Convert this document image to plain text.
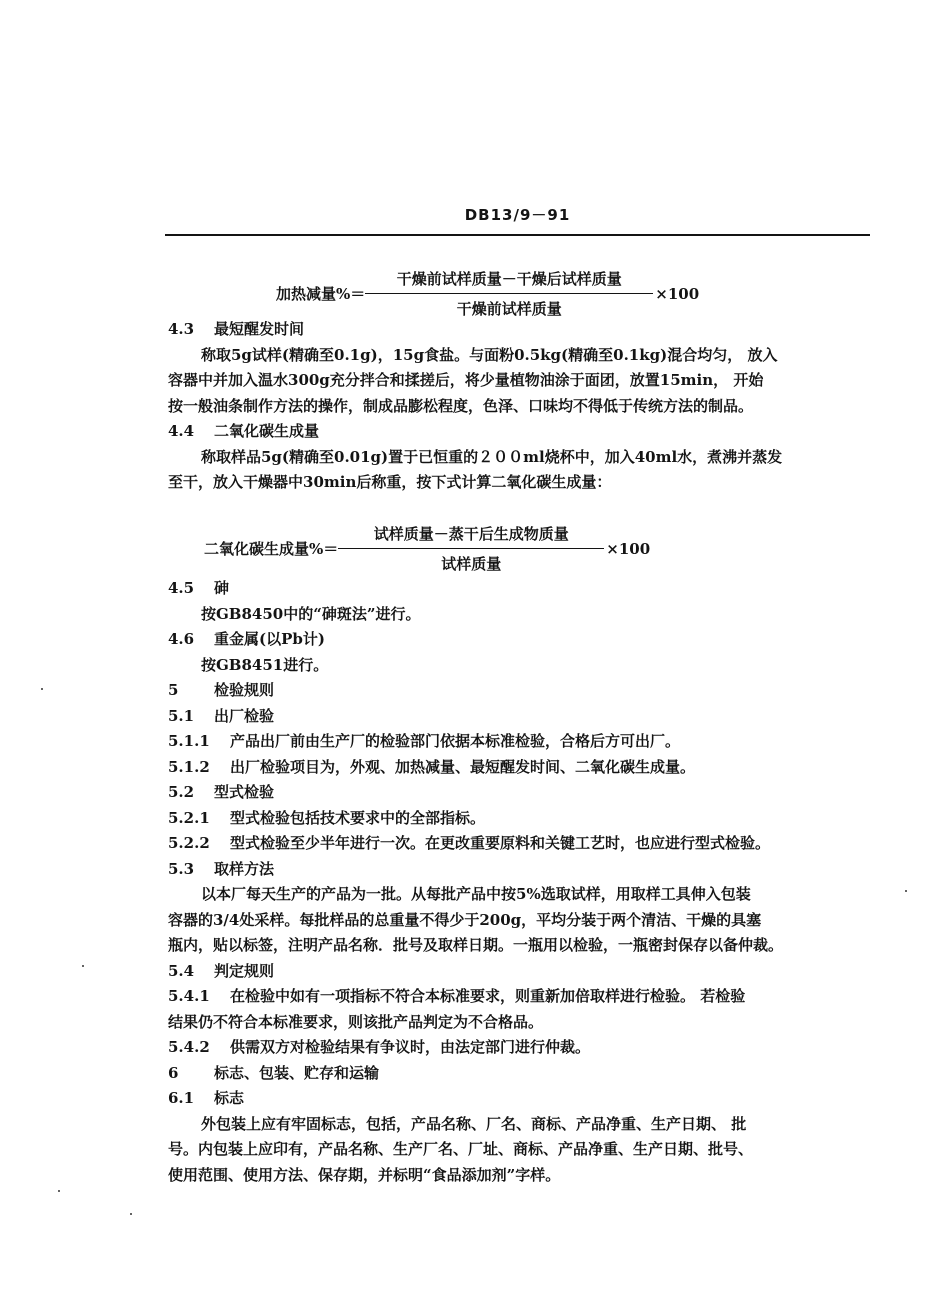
DB13/9－91
加热减量%＝ $\frac{\text{干燥前试样质量－干燥后试样质量}}{\text{干燥前试样质量}} \times 100$
4.3 最短醒发时间
称取5g试样(精确至0.1g)，15g食盐。与面粉0.5kg(精确至0.1kg)混合均匀， 放入
容器中并加入温水300g充分拌合和揉搓后，将少量植物油涂于面团，放置15min， 开始
按一般油条制作方法的操作，制成品膨松程度，色泽、口味均不得低于传统方法的制品。
4.4 二氧化碳生成量
称取样品5g(精确至0.01g)置于已恒重的２００ml烧杯中，加入40ml水，煮沸并蒸发
至干，放入干燥器中30min后称重，按下式计算二氧化碳生成量：
二氧化碳生成量%＝ $\frac{\text{试样质量－蒸干后生成物质量}}{\text{试样质量}} \times 100$
4.5 砷
按GB8450中的“砷斑法”进行。
4.6 重金属(以Pb计)
按GB8451进行。
5 检验规则
5.1 出厂检验
5.1.1 产品出厂前由生产厂的检验部门依据本标准检验，合格后方可出厂。
5.1.2 出厂检验项目为，外观、加热减量、最短醒发时间、二氧化碳生成量。
5.2 型式检验
5.2.1 型式检验包括技术要求中的全部指标。
5.2.2 型式检验至少半年进行一次。在更改重要原料和关键工艺时，也应进行型式检验。
5.3 取样方法
以本厂每天生产的产品为一批。从每批产品中按5%选取试样，用取样工具伸入包装
容器的3/4处采样。每批样品的总重量不得少于200g，平均分装于两个清洁、干燥的具塞
瓶内，贴以标签，注明产品名称．批号及取样日期。一瓶用以检验，一瓶密封保存以备仲裁。
5.4 判定规则
5.4.1 在检验中如有一项指标不符合本标准要求，则重新加倍取样进行检验。 若检验
结果仍不符合本标准要求，则该批产品判定为不合格品。
5.4.2 供需双方对检验结果有争议时，由法定部门进行仲裁。
6 标志、包装、贮存和运输
6.1 标志
外包装上应有牢固标志，包括，产品名称、厂名、商标、产品净重、生产日期、 批
号。内包装上应印有，产品名称、生产厂名、厂址、商标、产品净重、生产日期、批号、
使用范围、使用方法、保存期，并标明“食品添加剂”字样。
